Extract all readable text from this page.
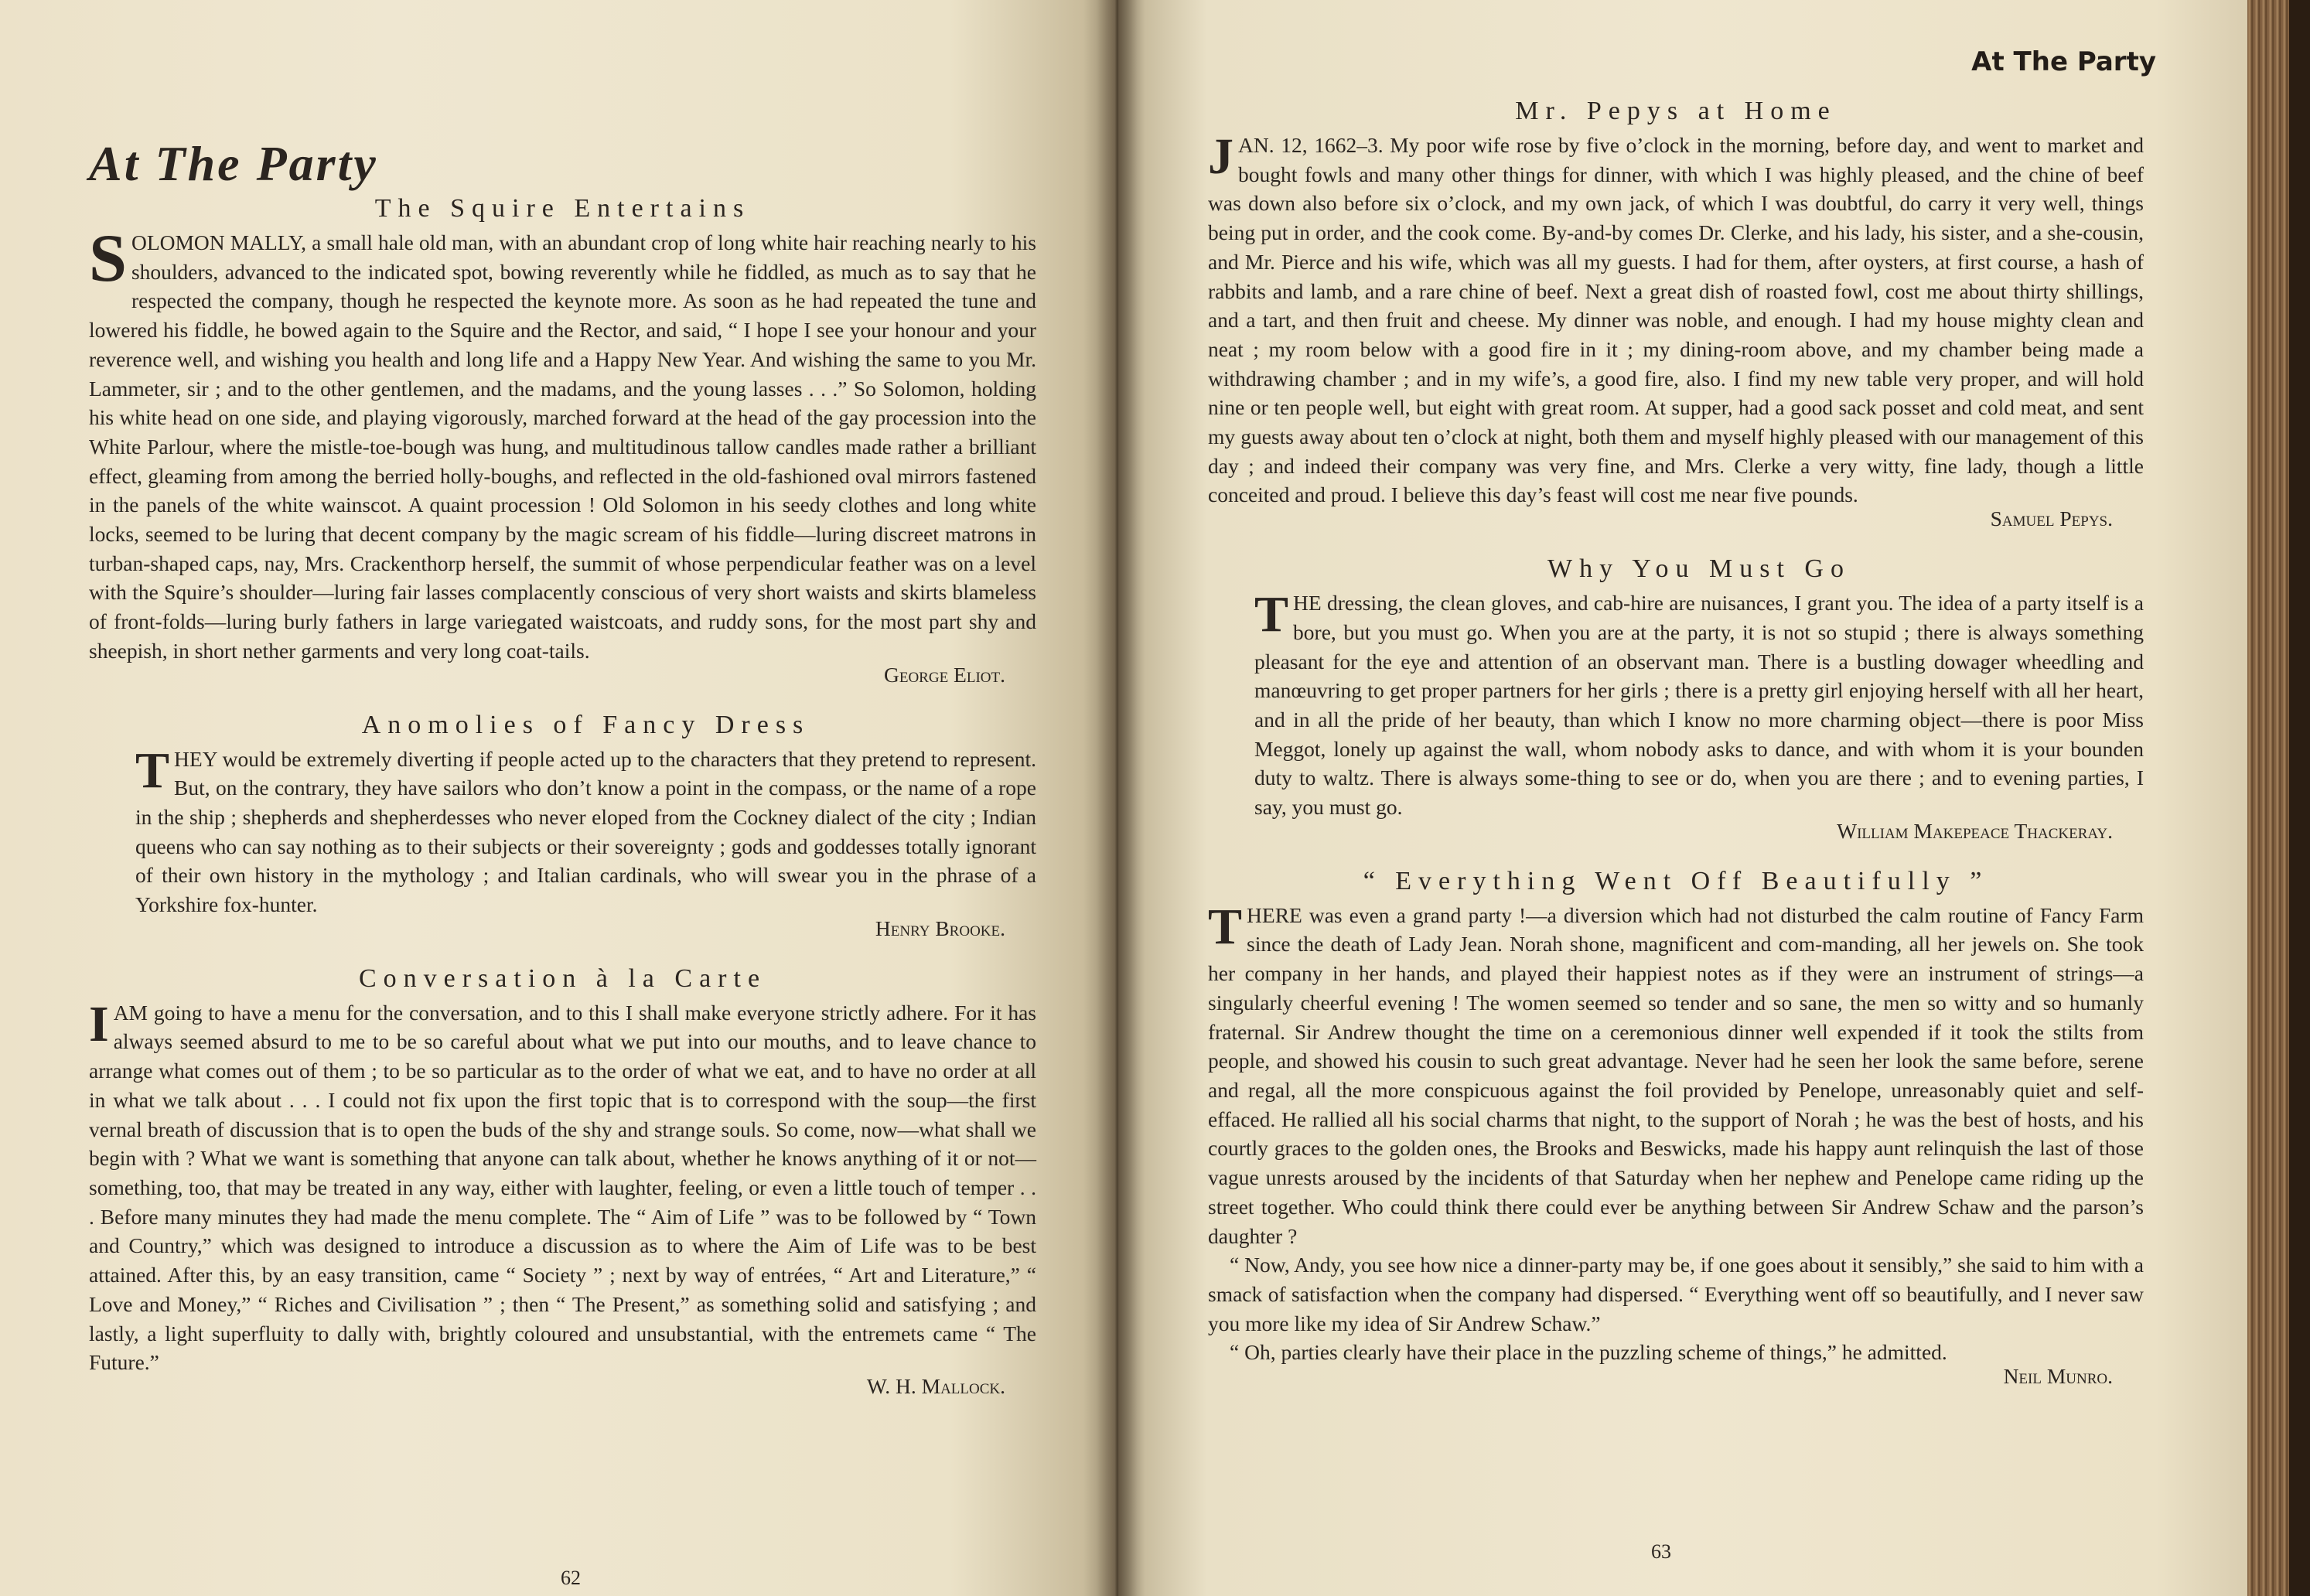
At The Party
The Squire Entertains

SOLOMON MALLY, a small hale old man, with an abundant crop of long white hair reaching nearly to his shoulders, advanced to the indicated spot, bowing reverently while he fiddled, as much as to say that he respected the company, though he respected the keynote more. As soon as he had repeated the tune and lowered his fiddle, he bowed again to the Squire and the Rector, and said, “ I hope I see your honour and your reverence well, and wishing you health and long life and a Happy New Year. And wishing the same to you Mr. Lammeter, sir ; and to the other gentlemen, and the madams, and the young lasses . . .” So Solomon, holding his white head on one side, and playing vigorously, marched forward at the head of the gay procession into the White Parlour, where the mistle-toe-bough was hung, and multitudinous tallow candles made rather a brilliant effect, gleaming from among the berried holly-boughs, and reflected in the old-fashioned oval mirrors fastened in the panels of the white wainscot. A quaint procession ! Old Solomon in his seedy clothes and long white locks, seemed to be luring that decent company by the magic scream of his fiddle—luring discreet matrons in turban-shaped caps, nay, Mrs. Crackenthorp herself, the summit of whose perpendicular feather was on a level with the Squire’s shoulder—luring fair lasses complacently conscious of very short waists and skirts blameless of front-folds—luring burly fathers in large variegated waistcoats, and ruddy sons, for the most part shy and sheepish, in short nether garments and very long coat-tails.

George Eliot.
Anomolies of Fancy Dress

THEY would be extremely diverting if people acted up to the characters that they pretend to represent. But, on the contrary, they have sailors who don’t know a point in the compass, or the name of a rope in the ship ; shepherds and shepherdesses who never eloped from the Cockney dialect of the city ; Indian queens who can say nothing as to their subjects or their sovereignty ; gods and goddesses totally ignorant of their own history in the mythology ; and Italian cardinals, who will swear you in the phrase of a Yorkshire fox-hunter.

Henry Brooke.
Conversation à la Carte

IAM going to have a menu for the conversation, and to this I shall make everyone strictly adhere. For it has always seemed absurd to me to be so careful about what we put into our mouths, and to leave chance to arrange what comes out of them ; to be so particular as to the order of what we eat, and to have no order at all in what we talk about . . . I could not fix upon the first topic that is to correspond with the soup—the first vernal breath of discussion that is to open the buds of the shy and strange souls. So come, now—what shall we begin with ? What we want is something that anyone can talk about, whether he knows anything of it or not—something, too, that may be treated in any way, either with laughter, feeling, or even a little touch of temper . . . Before many minutes they had made the menu complete. The “ Aim of Life ” was to be followed by “ Town and Country,” which was designed to introduce a discussion as to where the Aim of Life was to be best attained. After this, by an easy transition, came “ Society ” ; next by way of entrées, “ Art and Literature,” “ Love and Money,” “ Riches and Civilisation ” ; then “ The Present,” as something solid and satisfying ; and lastly, a light superfluity to dally with, brightly coloured and unsubstantial, with the entremets came “ The Future.”

W. H. Mallock.
62
At The Party
Mr. Pepys at Home

JAN. 12, 1662–3. My poor wife rose by five o’clock in the morning, before day, and went to market and bought fowls and many other things for dinner, with which I was highly pleased, and the chine of beef was down also before six o’clock, and my own jack, of which I was doubtful, do carry it very well, things being put in order, and the cook come. By-and-by comes Dr. Clerke, and his lady, his sister, and a she-cousin, and Mr. Pierce and his wife, which was all my guests. I had for them, after oysters, at first course, a hash of rabbits and lamb, and a rare chine of beef. Next a great dish of roasted fowl, cost me about thirty shillings, and a tart, and then fruit and cheese. My dinner was noble, and enough. I had my house mighty clean and neat ; my room below with a good fire in it ; my dining-room above, and my chamber being made a withdrawing chamber ; and in my wife’s, a good fire, also. I find my new table very proper, and will hold nine or ten people well, but eight with great room. At supper, had a good sack posset and cold meat, and sent my guests away about ten o’clock at night, both them and myself highly pleased with our management of this day ; and indeed their company was very fine, and Mrs. Clerke a very witty, fine lady, though a little conceited and proud. I believe this day’s feast will cost me near five pounds.

Samuel Pepys.
Why You Must Go

THE dressing, the clean gloves, and cab-hire are nuisances, I grant you. The idea of a party itself is a bore, but you must go. When you are at the party, it is not so stupid ; there is always something pleasant for the eye and attention of an observant man. There is a bustling dowager wheedling and manœuvring to get proper partners for her girls ; there is a pretty girl enjoying herself with all her heart, and in all the pride of her beauty, than which I know no more charming object—there is poor Miss Meggot, lonely up against the wall, whom nobody asks to dance, and with whom it is your bounden duty to waltz. There is always some-thing to see or do, when you are there ; and to evening parties, I say, you must go.

William Makepeace Thackeray.
“ Everything Went Off Beautifully ”

THERE was even a grand party !—a diversion which had not disturbed the calm routine of Fancy Farm since the death of Lady Jean. Norah shone, magnificent and com-manding, all her jewels on. She took her company in her hands, and played their happiest notes as if they were an instrument of strings—a singularly cheerful evening ! The women seemed so tender and so sane, the men so witty and so humanly fraternal. Sir Andrew thought the time on a ceremonious dinner well expended if it took the stilts from people, and showed his cousin to such great advantage. Never had he seen her look the same before, serene and regal, all the more conspicuous against the foil provided by Penelope, unreasonably quiet and self-effaced. He rallied all his social charms that night, to the support of Norah ; he was the best of hosts, and his courtly graces to the golden ones, the Brooks and Beswicks, made his happy aunt relinquish the last of those vague unrests aroused by the incidents of that Saturday when her nephew and Penelope came riding up the street together. Who could think there could ever be anything between Sir Andrew Schaw and the parson’s daughter ?

“ Now, Andy, you see how nice a dinner-party may be, if one goes about it sensibly,” she said to him with a smack of satisfaction when the company had dispersed. “ Everything went off so beautifully, and I never saw you more like my idea of Sir Andrew Schaw.”

“ Oh, parties clearly have their place in the puzzling scheme of things,” he admitted.

Neil Munro.
63
